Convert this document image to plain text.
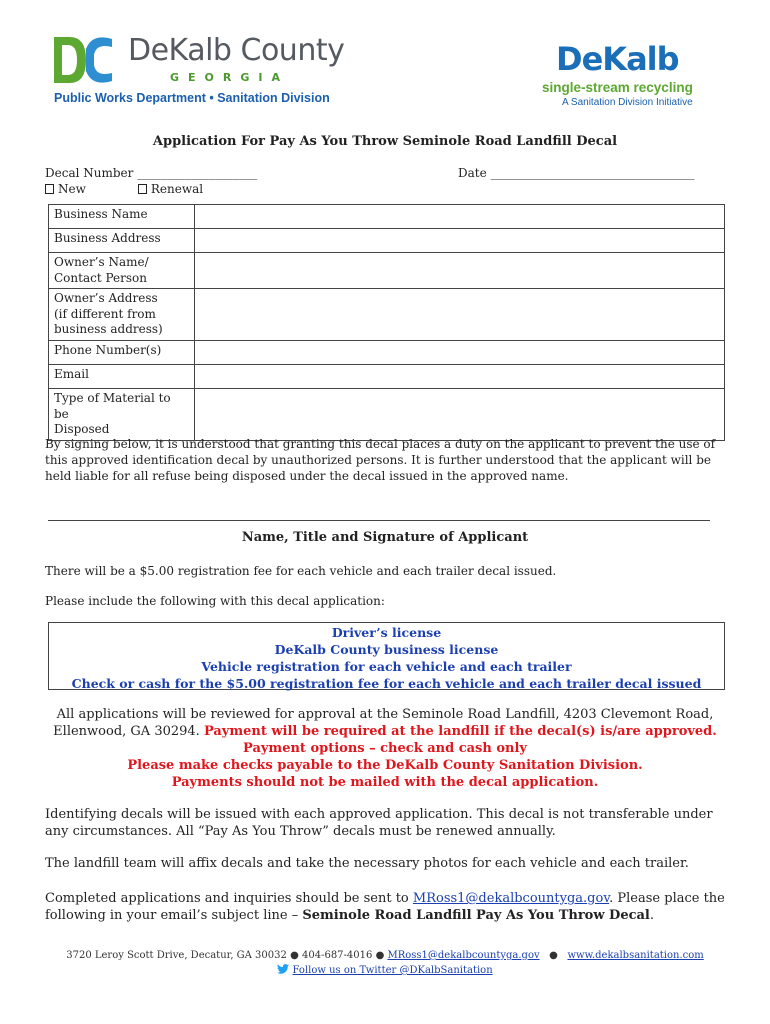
DeKalb County
GEORGIA
Public Works Department • Sanitation Division
DeKalb
single-stream recycling
A Sanitation Division Initiative
Application For Pay As You Throw Seminole Road Landfill Decal
Decal Number ____________________	Date __________________________________
New	Renewal
Business Name	
Business Address	
Owner’s Name/
Contact Person	
Owner’s Address
(if different from
business address)	
Phone Number(s)	
Email	
Type of Material to be
Disposed	
By signing below, it is understood that granting this decal places a duty on the applicant to prevent the use of this approved identification decal by unauthorized persons. It is further understood that the applicant will be held liable for all refuse being disposed under the decal issued in the approved name.
Name, Title and Signature of Applicant
There will be a $5.00 registration fee for each vehicle and each trailer decal issued.
Please include the following with this decal application:
Driver’s license
DeKalb County business license
Vehicle registration for each vehicle and each trailer
Check or cash for the $5.00 registration fee for each vehicle and each trailer decal issued
All applications will be reviewed for approval at the Seminole Road Landfill, 4203 Clevemont Road,
Ellenwood, GA 30294. Payment will be required at the landfill if the decal(s) is/are approved.
Payment options – check and cash only
Please make checks payable to the DeKalb County Sanitation Division.
Payments should not be mailed with the decal application.
Identifying decals will be issued with each approved application. This decal is not transferable under any circumstances. All “Pay As You Throw” decals must be renewed annually.
The landfill team will affix decals and take the necessary photos for each vehicle and each trailer.
Completed applications and inquiries should be sent to MRoss1@dekalbcountyga.gov. Please place the following in your email’s subject line – Seminole Road Landfill Pay As You Throw Decal.
3720 Leroy Scott Drive, Decatur, GA 30032 ● 404-687-4016 ● MRoss1@dekalbcountyga.gov ● www.dekalbsanitation.com
Follow us on Twitter @DKalbSanitation
